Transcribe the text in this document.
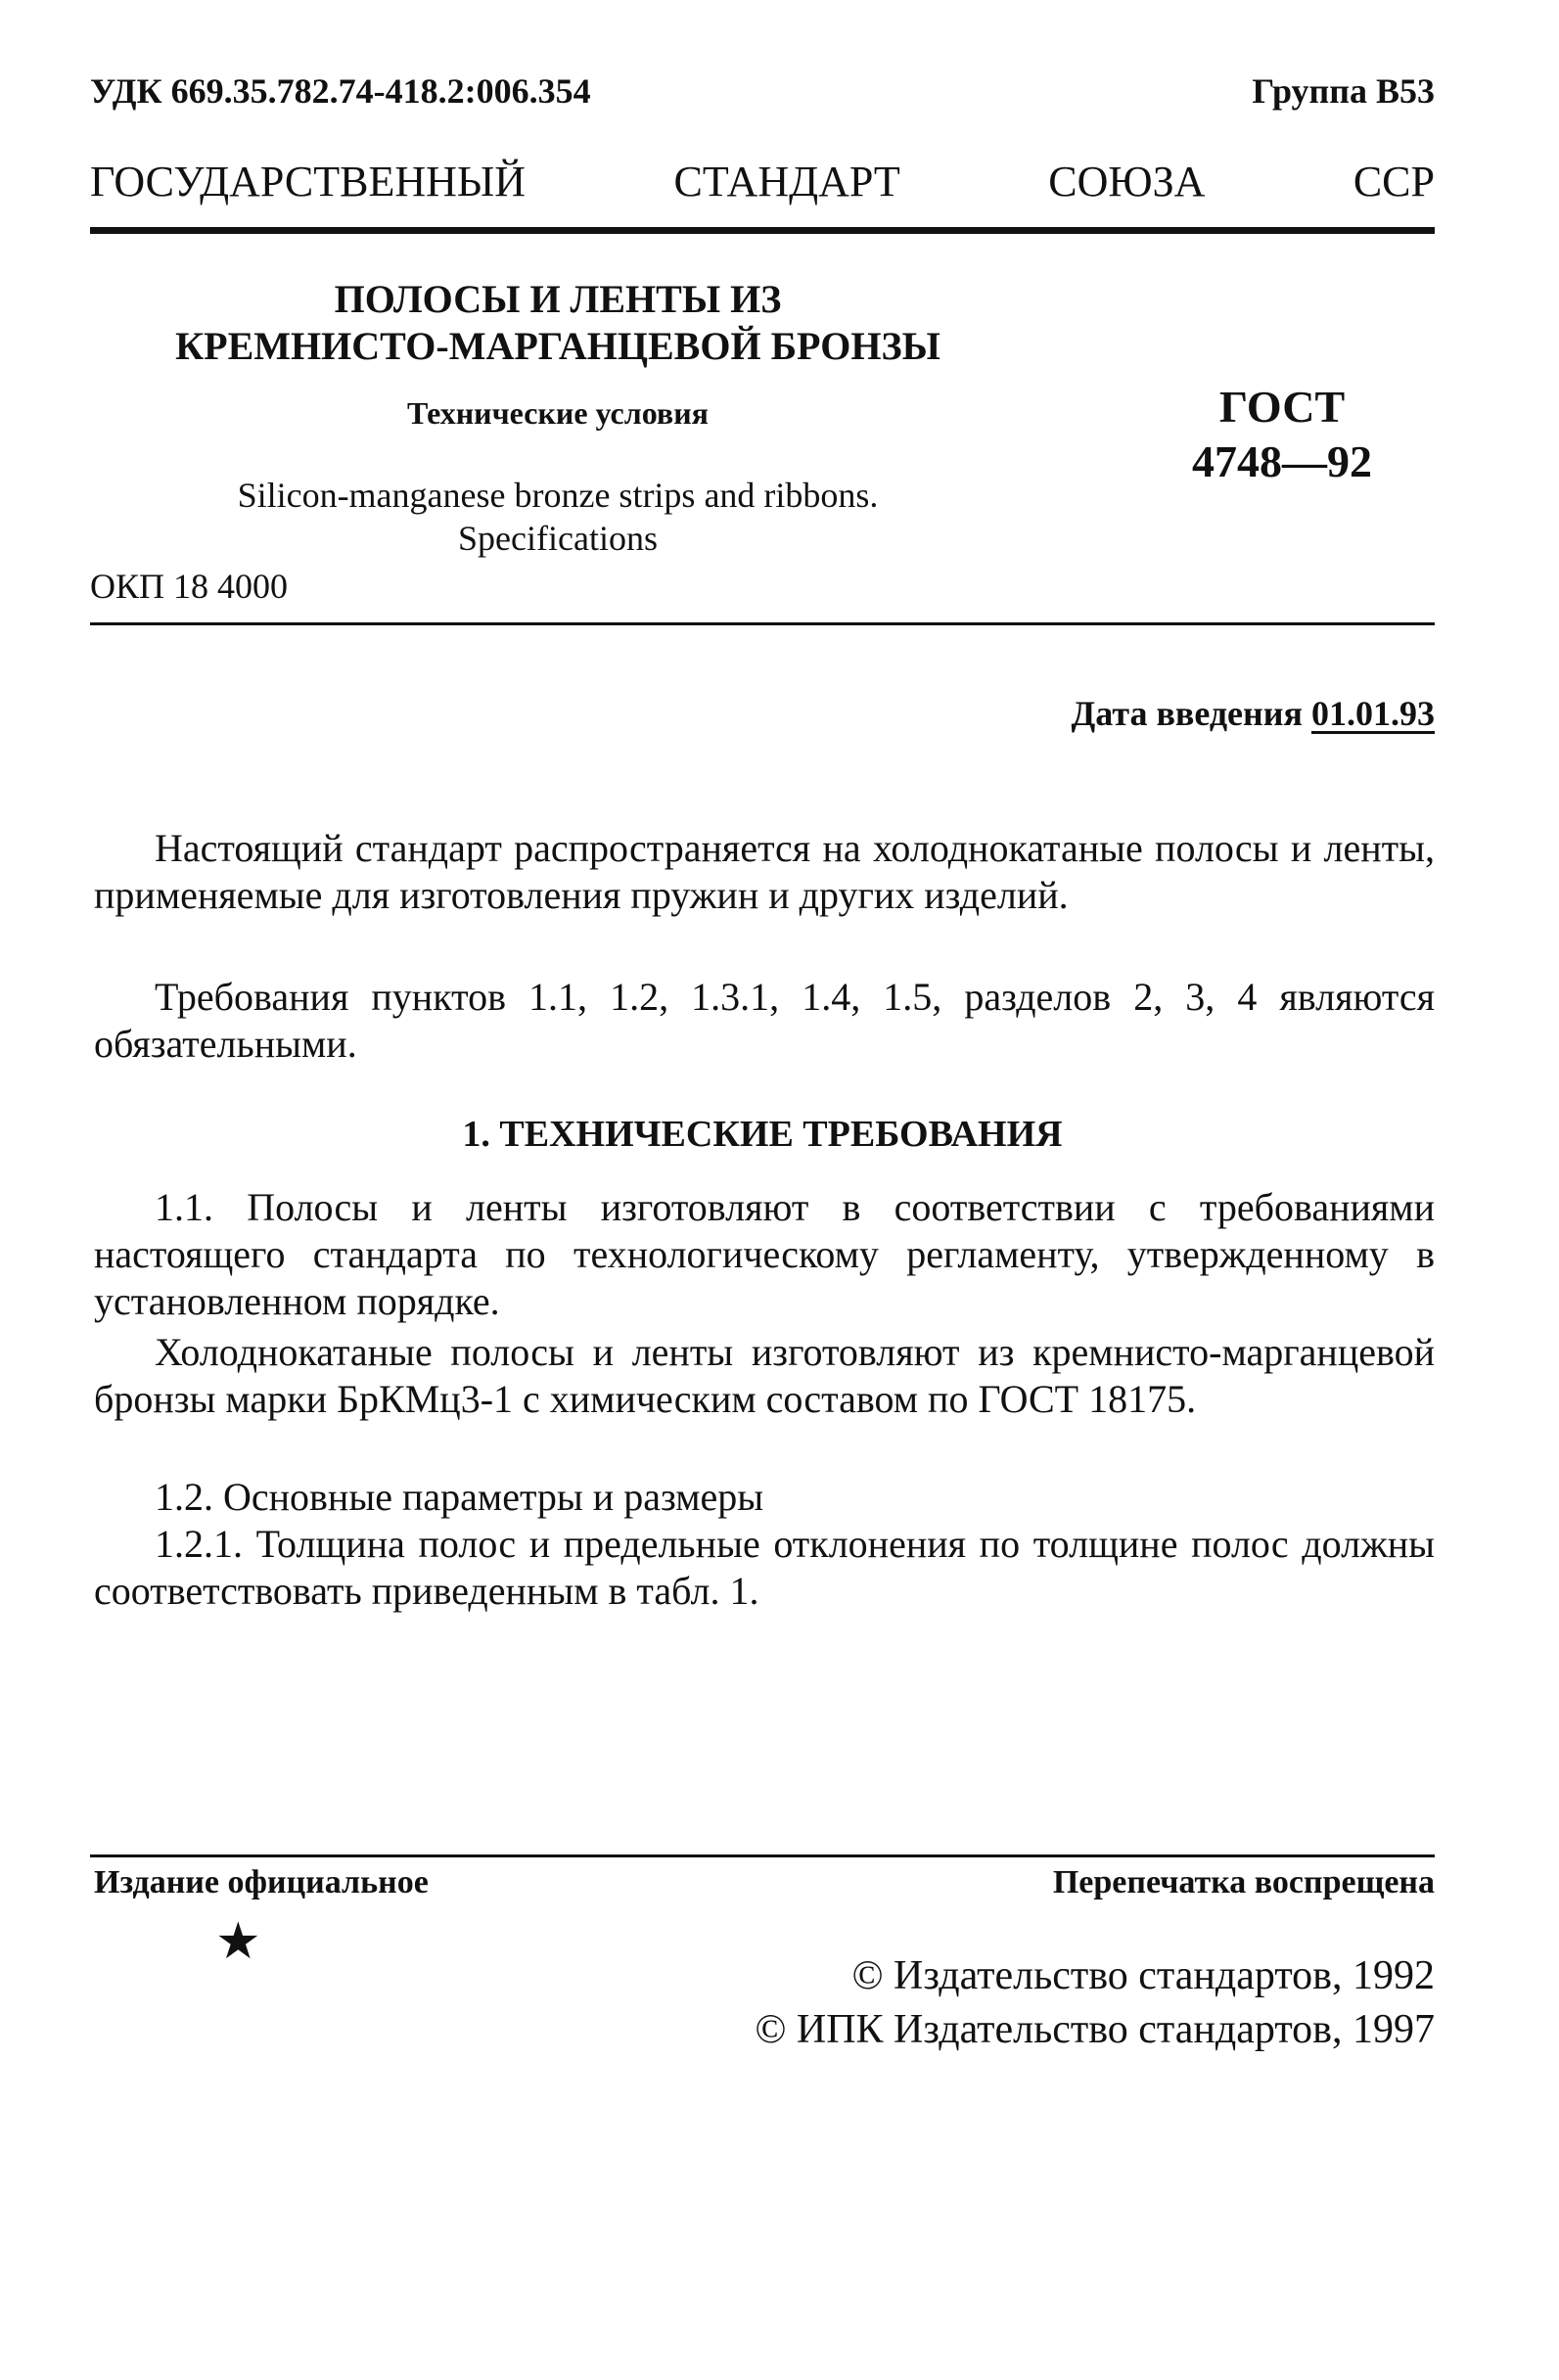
УДК 669.35.782.74-418.2:006.354	Группа В53
ГОСУДАРСТВЕННЫЙ	СТАНДАРТ	СОЮЗА	ССР
ПОЛОСЫ И ЛЕНТЫ ИЗ
КРЕМНИСТО-МАРГАНЦЕВОЙ БРОНЗЫ
Технические условия
Silicon-manganese bronze strips and ribbons.
Specifications
ГОСТ
4748—92
ОКП 18 4000
Дата введения 01.01.93
Настоящий стандарт распространяется на холоднокатаные полосы и ленты, применяемые для изготовления пружин и других изделий.
Требования пунктов 1.1, 1.2, 1.3.1, 1.4, 1.5, разделов 2, 3, 4 являются обязательными.
1. ТЕХНИЧЕСКИЕ ТРЕБОВАНИЯ
1.1. Полосы и ленты изготовляют в соответствии с требованиями настоящего стандарта по технологическому регламенту, утвержденному в установленном порядке.
Холоднокатаные полосы и ленты изготовляют из кремнисто-марганцевой бронзы марки БрКМц3-1 с химическим составом по ГОСТ 18175.
1.2. Основные параметры и размеры
1.2.1. Толщина полос и предельные отклонения по толщине полос должны соответствовать приведенным в табл. 1.
Издание официальное	Перепечатка воспрещена
★
© Издательство стандартов, 1992
© ИПК Издательство стандартов, 1997
